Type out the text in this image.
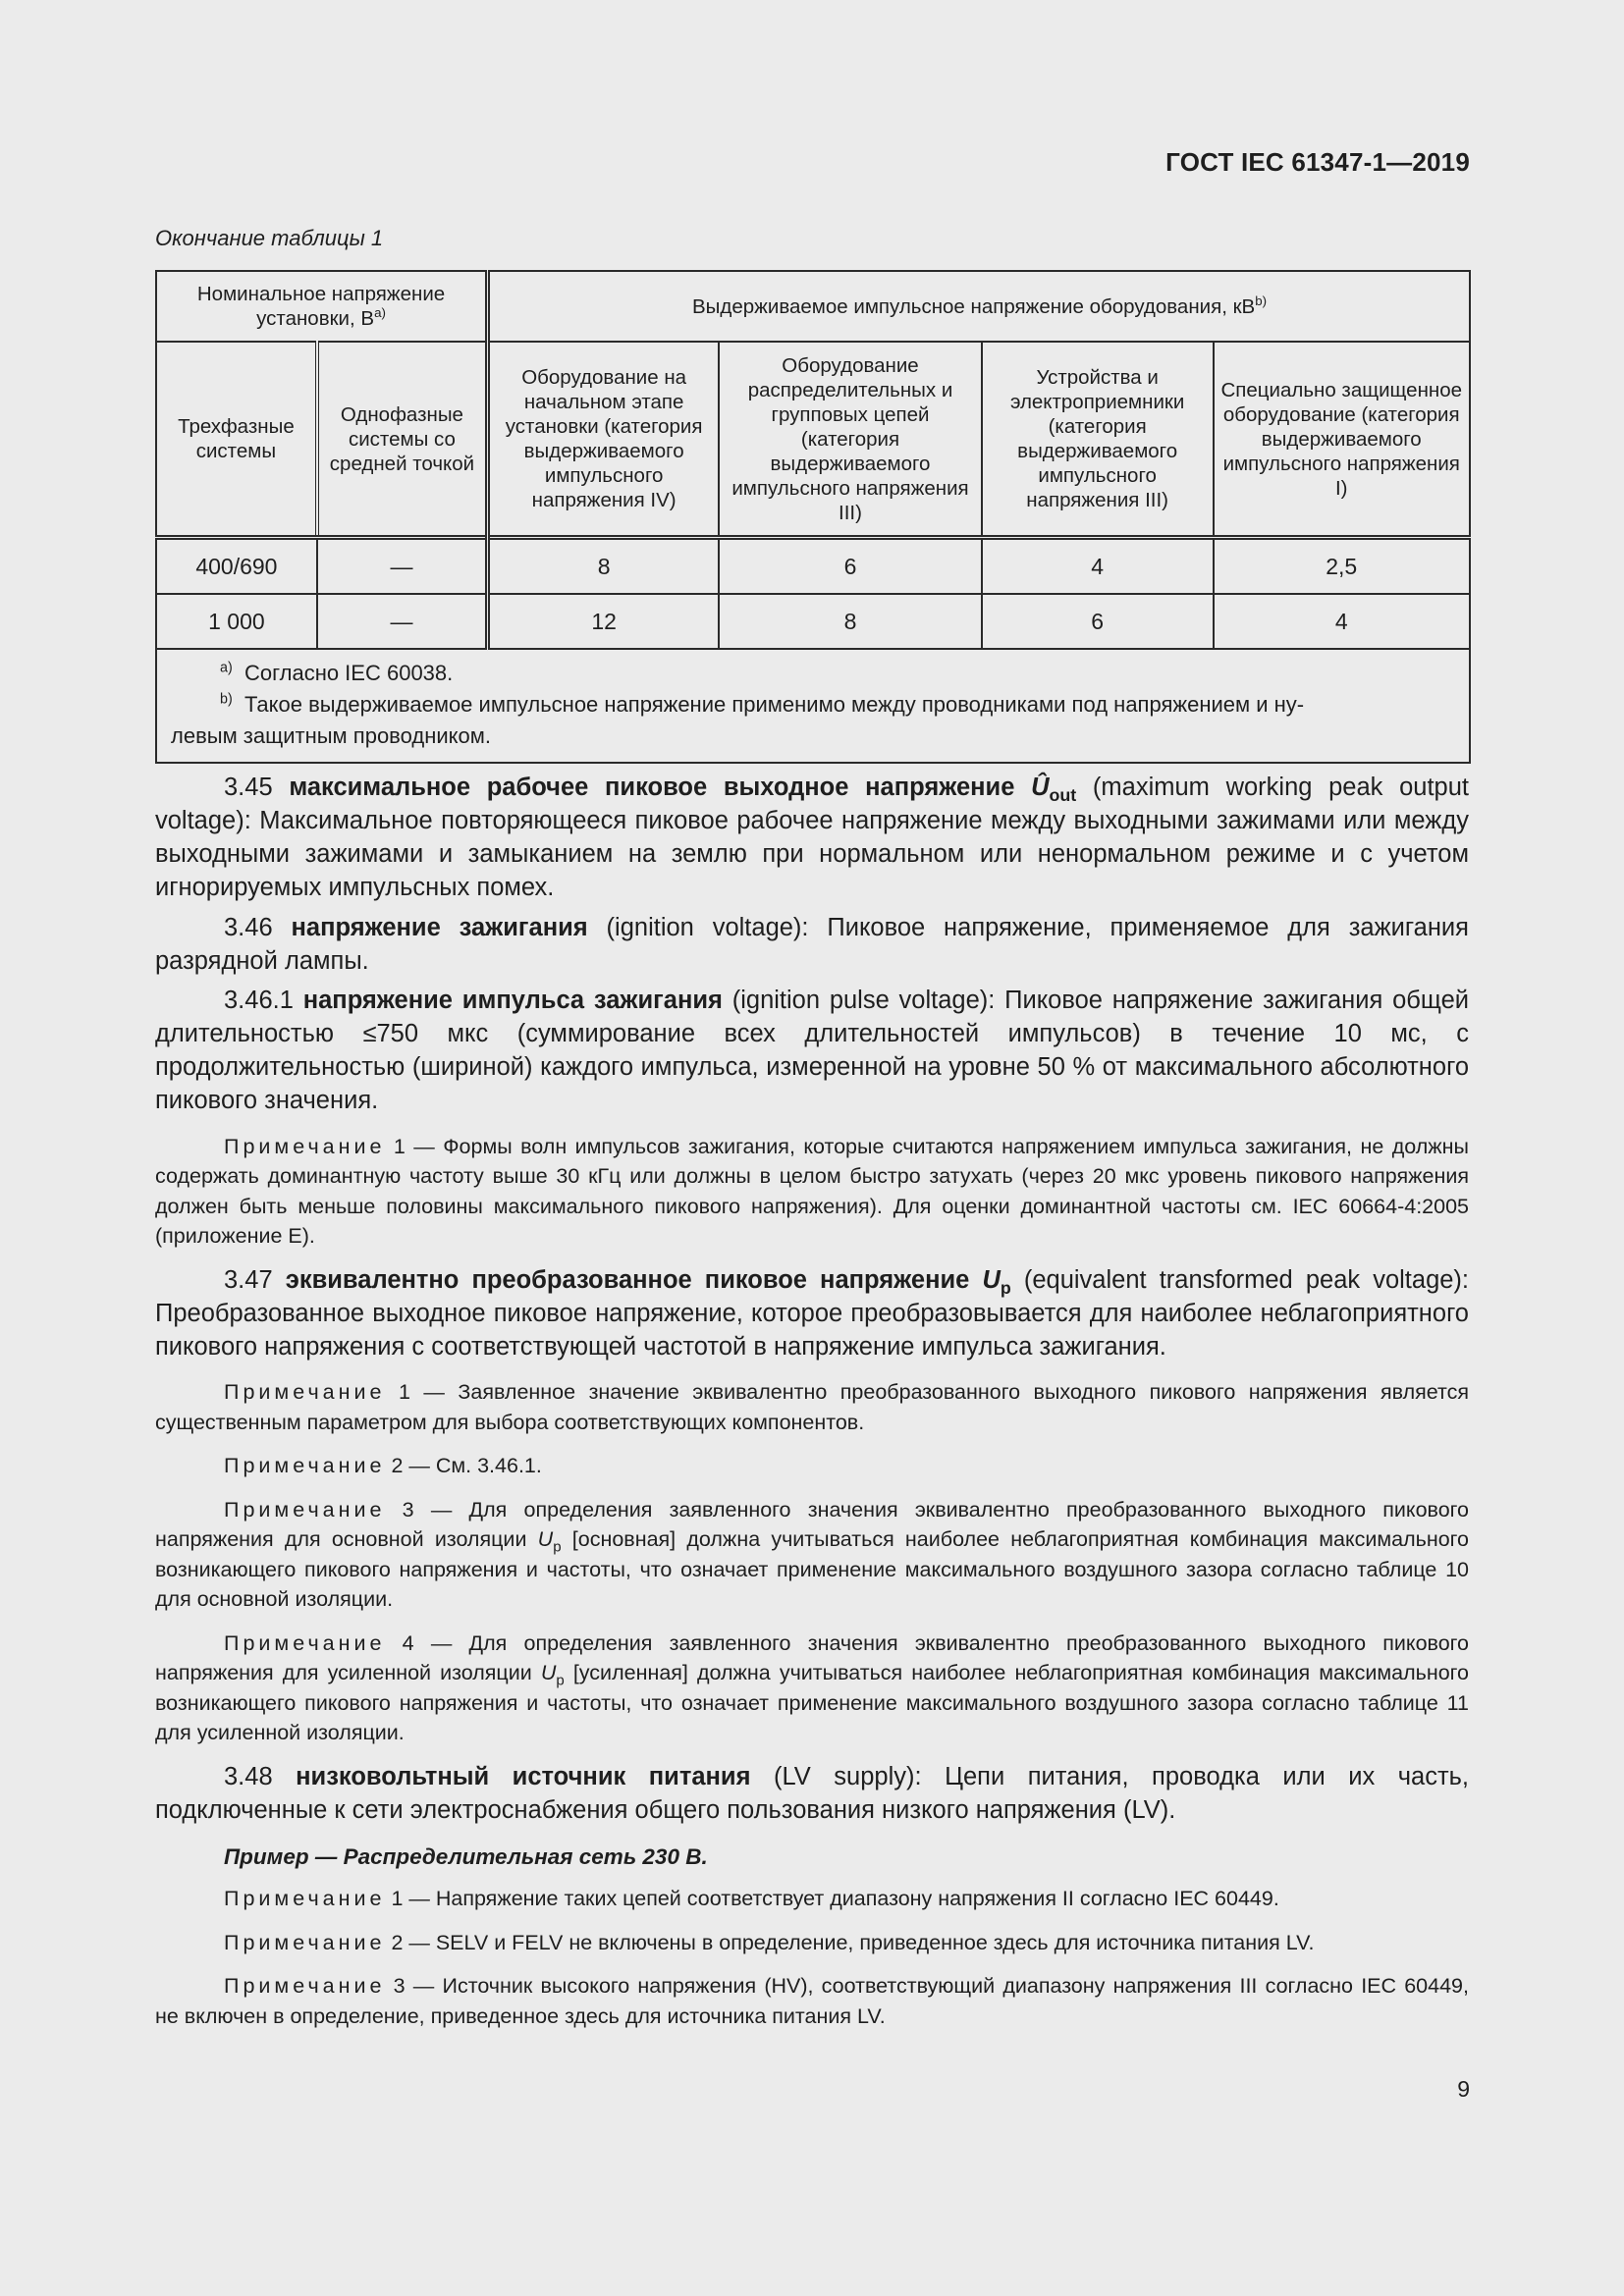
ГОСТ IEC 61347-1—2019
Окончание таблицы 1
Номинальное напряжение установки, $В^{a)}$		Выдерживаемое импульсное напряжение оборудования, $кВ^{b)}$
Трехфазные системы	Однофазные системы со средней точкой	Оборудование на начальном этапе установки (категория выдерживаемого импульсного напряжения IV)	Оборудование распределительных и групповых цепей (категория выдерживаемого импульсного напряжения III)	Устройства и электроприемники (категория выдерживаемого импульсного напряжения III)	Специально защищенное оборудование (категория выдерживаемого импульсного напряжения I)
400/690	—	8	6	4	2,5
1 000	—	12	8	6	4

$^{a)}$ Согласно IEC 60038.
$^{b)}$ Такое выдерживаемое импульсное напряжение применимо между проводниками под напряжением и ну-
левым защитным проводником.					

3.45 максимальное рабочее пиковое выходное напряжение $Û_{out}$ (maximum working peak output voltage): Максимальное повторяющееся пиковое рабочее напряжение между выходными зажимами или между выходными зажимами и замыканием на землю при нормальном или ненормальном режиме и с учетом игнорируемых импульсных помех.

3.46 напряжение зажигания (ignition voltage): Пиковое напряжение, применяемое для зажигания разрядной лампы.

3.46.1 напряжение импульса зажигания (ignition pulse voltage): Пиковое напряжение зажигания общей длительностью ≤750 мкс (суммирование всех длительностей импульсов) в течение 10 мс, с продолжительностью (шириной) каждого импульса, измеренной на уровне 50 % от максимального абсолютного пикового значения.

Примечание 1 — Формы волн импульсов зажигания, которые считаются напряжением импульса зажигания, не должны содержать доминантную частоту выше 30 кГц или должны в целом быстро затухать (через 20 мкс уровень пикового напряжения должен быть меньше половины максимального пикового напряжения). Для оценки доминантной частоты см. IEC 60664-4:2005 (приложение Е).

3.47 эквивалентно преобразованное пиковое напряжение $U_p$ (equivalent transformed peak voltage): Преобразованное выходное пиковое напряжение, которое преобразовывается для наиболее неблагоприятного пикового напряжения с соответствующей частотой в напряжение импульса зажигания.

Примечание 1 — Заявленное значение эквивалентно преобразованного выходного пикового напряжения является существенным параметром для выбора соответствующих компонентов.

Примечание 2 — См. 3.46.1.

Примечание 3 — Для определения заявленного значения эквивалентно преобразованного выходного пикового напряжения для основной изоляции $U_p$ [основная] должна учитываться наиболее неблагоприятная комбинация максимального возникающего пикового напряжения и частоты, что означает применение максимального воздушного зазора согласно таблице 10 для основной изоляции.

Примечание 4 — Для определения заявленного значения эквивалентно преобразованного выходного пикового напряжения для усиленной изоляции $U_p$ [усиленная] должна учитываться наиболее неблагоприятная комбинация максимального возникающего пикового напряжения и частоты, что означает применение максимального воздушного зазора согласно таблице 11 для усиленной изоляции.

3.48 низковольтный источник питания (LV supply): Цепи питания, проводка или их часть, подключенные к сети электроснабжения общего пользования низкого напряжения (LV).

Пример — Распределительная сеть 230 В.

Примечание 1 — Напряжение таких цепей соответствует диапазону напряжения II согласно IEC 60449.

Примечание 2 — SELV и FELV не включены в определение, приведенное здесь для источника питания LV.

Примечание 3 — Источник высокого напряжения (HV), соответствующий диапазону напряжения III согласно IEC 60449, не включен в определение, приведенное здесь для источника питания LV.

9
